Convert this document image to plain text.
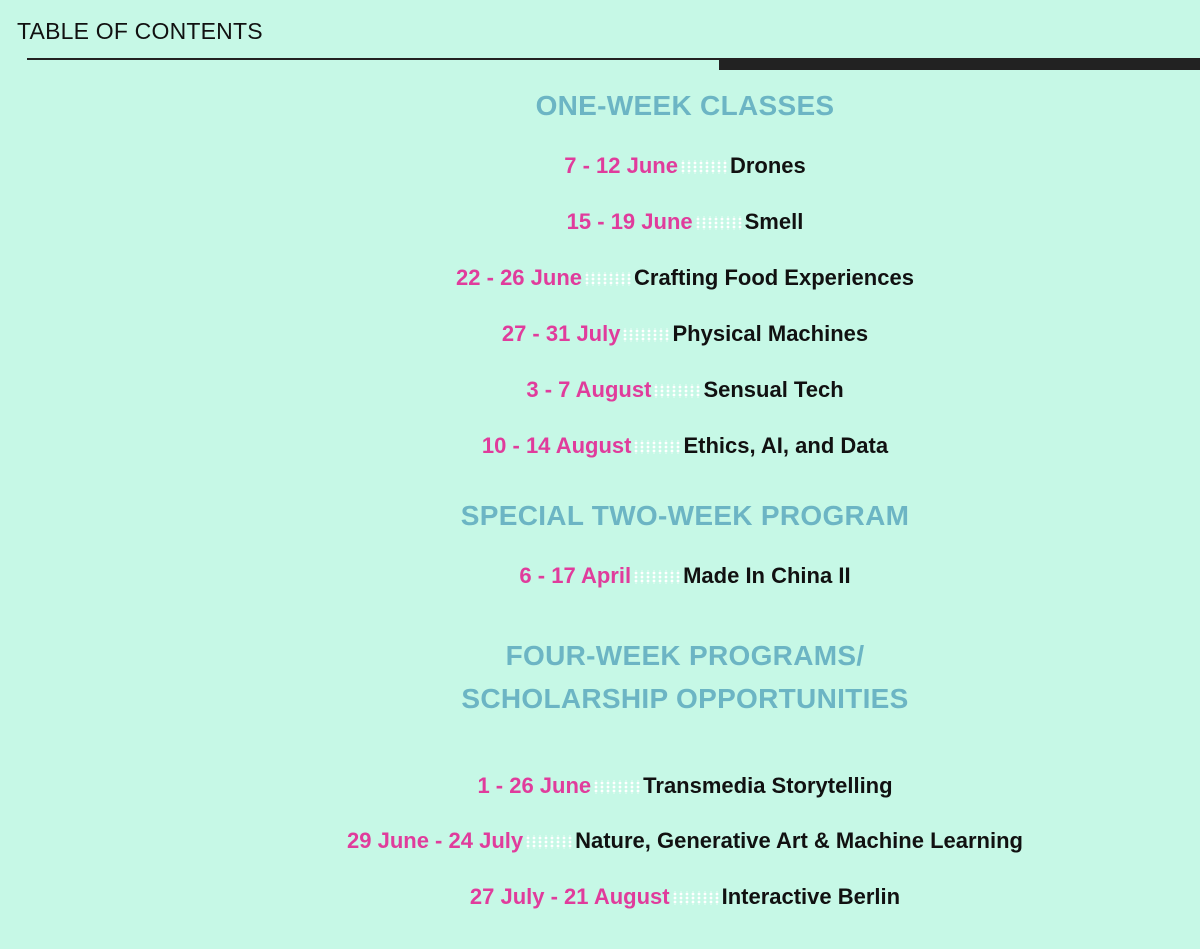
TABLE OF CONTENTS
ONE-WEEK CLASSES
7 - 12 June Drones
15 - 19 June Smell
22 - 26 June Crafting Food Experiences
27 - 31 July Physical Machines
3 - 7 August Sensual Tech
10 - 14 August Ethics, AI, and Data
SPECIAL TWO-WEEK PROGRAM
6 - 17 April Made In China II
FOUR-WEEK PROGRAMS/
SCHOLARSHIP OPPORTUNITIES
1 - 26 June Transmedia Storytelling
29 June - 24 July Nature, Generative Art & Machine Learning
27 July - 21 August Interactive Berlin
